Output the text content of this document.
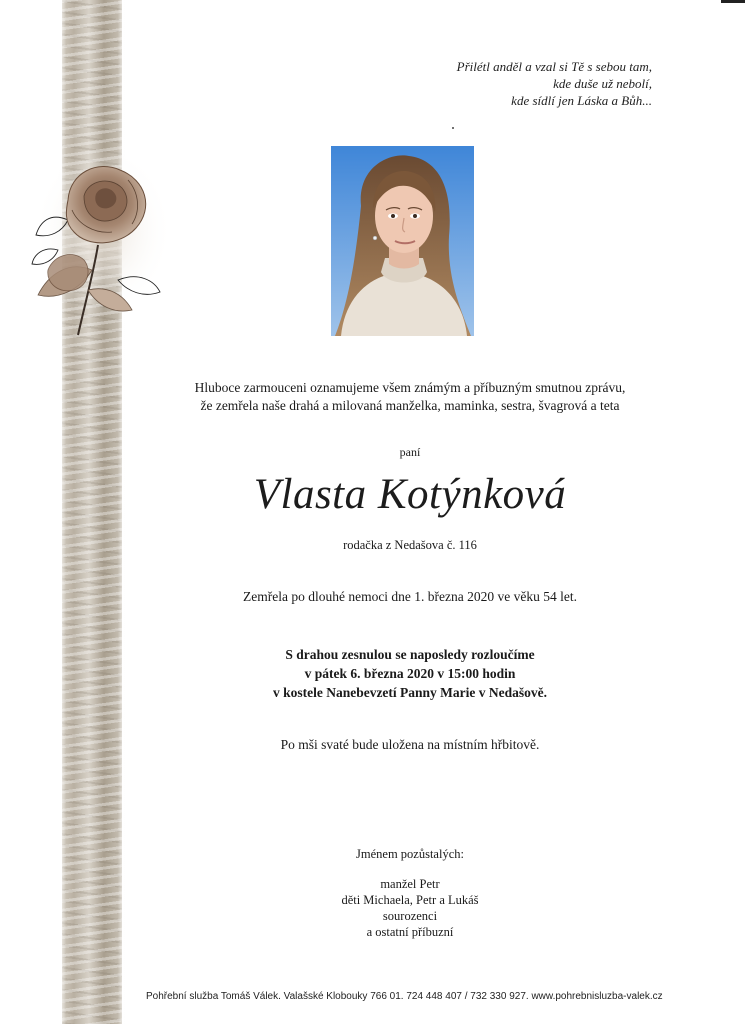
Přilétl anděl a vzal si Tě s sebou tam,
kde duše už nebolí,
kde sídlí jen Láska a Bůh...
Hluboce zarmouceni oznamujeme všem známým a příbuzným smutnou zprávu,
že zemřela naše drahá a milovaná manželka, maminka, sestra, švagrová a teta
paní
Vlasta Kotýnková
rodačka z Nedašova č. 116
Zemřela po dlouhé nemoci dne 1. března 2020 ve věku 54 let.
S drahou zesnulou se naposledy rozloučíme
v pátek 6. března 2020 v 15:00 hodin
v kostele Nanebevzetí Panny Marie v Nedašově.
Po mši svaté bude uložena na místním hřbitově.
Jménem pozůstalých:
manžel Petr
děti Michaela, Petr a Lukáš
sourozenci
a ostatní příbuzní
Pohřební služba Tomáš Válek. Valašské Klobouky 766 01. 724 448 407 / 732 330 927. www.pohrebnisluzba-valek.cz
